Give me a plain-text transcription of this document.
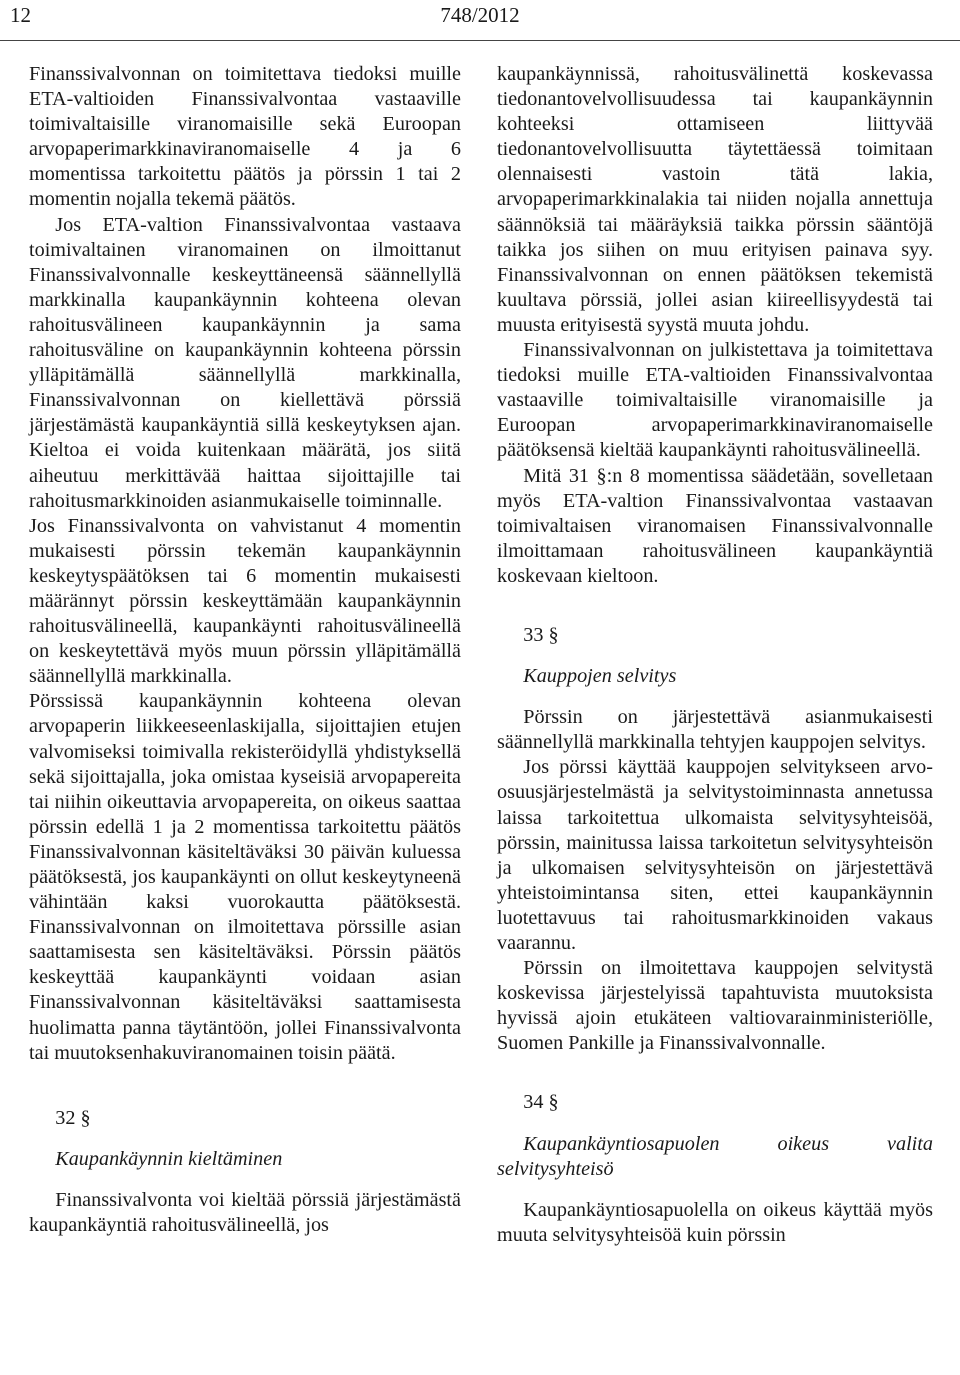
12	748/2012

Finanssivalvonnan on toimitettava tiedoksi muille ETA-valtioiden Finanssivalvontaa vastaaville toimivaltaisille viranomaisille sekä Euroopan arvopaperimarkkinaviranomaiselle 4 ja 6 momentissa tarkoitettu päätös ja pörssin 1 tai 2 momentin nojalla tekemä päätös.

Jos ETA-valtion Finanssivalvontaa vastaava toimivaltainen viranomainen on ilmoittanut Finanssivalvonnalle keskeyttäneensä säännellyllä markkinalla kaupankäynnin kohteena olevan rahoitusvälineen kaupankäynnin ja sama rahoitusväline on kaupankäynnin kohteena pörssin ylläpitämällä säännellyllä markkinalla, Finanssivalvonnan on kiellettävä pörssiä järjestämästä kaupankäyntiä sillä keskeytyksen ajan. Kieltoa ei voida kuitenkaan määrätä, jos siitä aiheutuu merkittävää haittaa sijoittajille tai rahoitusmarkkinoiden asianmukaiselle toiminnalle.

Jos Finanssivalvonta on vahvistanut 4 momentin mukaisesti pörssin tekemän kaupankäynnin keskeytyspäätöksen tai 6 momentin mukaisesti määrännyt pörssin keskeyttämään kaupankäynnin rahoitusvälineellä, kaupankäynti rahoitusvälineellä on keskeytettävä myös muun pörssin ylläpitämällä säännellyllä markkinalla.

Pörssissä kaupankäynnin kohteena olevan arvopaperin liikkeeseenlaskijalla, sijoittajien etujen valvomiseksi toimivalla rekisteröidyllä yhdistyksellä sekä sijoittajalla, joka omistaa kyseisiä arvopapereita tai niihin oikeuttavia arvopapereita, on oikeus saattaa pörssin edellä 1 ja 2 momentissa tarkoitettu päätös Finanssivalvonnan käsiteltäväksi 30 päivän kuluessa päätöksestä, jos kaupankäynti on ollut keskeytyneenä vähintään kaksi vuorokautta päätöksestä. Finanssivalvonnan on ilmoitettava pörssille asian saattamisesta sen käsiteltäväksi. Pörssin päätös keskeyttää kaupankäynti voidaan asian Finanssivalvonnan käsiteltäväksi saattamisesta huolimatta panna täytäntöön, jollei Finanssivalvonta tai muutoksenhakuviranomainen toisin päätä.

32 §

Kaupankäynnin kieltäminen

Finanssivalvonta voi kieltää pörssiä järjestämästä kaupankäyntiä rahoitusvälineellä, jos

kaupankäynnissä, rahoitusvälinettä koskevassa tiedonantovelvollisuudessa tai kaupankäynnin kohteeksi ottamiseen liittyvää tiedonantovelvollisuutta täytettäessä toimitaan olennaisesti vastoin tätä lakia, arvopaperimarkkinalakia tai niiden nojalla annettuja säännöksiä tai määräyksiä taikka pörssin sääntöjä taikka jos siihen on muu erityisen painava syy. Finanssivalvonnan on ennen päätöksen tekemistä kuultava pörssiä, jollei asian kiireellisyydestä tai muusta erityisestä syystä muuta johdu.

Finanssivalvonnan on julkistettava ja toimitettava tiedoksi muille ETA-valtioiden Finanssivalvontaa vastaaville toimivaltaisille viranomaisille ja Euroopan arvopaperimarkkinaviranomaiselle päätöksensä kieltää kaupankäynti rahoitusvälineellä.

Mitä 31 §:n 8 momentissa säädetään, sovelletaan myös ETA-valtion Finanssivalvontaa vastaavan toimivaltaisen viranomaisen Finanssivalvonnalle ilmoittamaan rahoitusvälineen kaupankäyntiä koskevaan kieltoon.

33 §

Kauppojen selvitys

Pörssin on järjestettävä asianmukaisesti säännellyllä markkinalla tehtyjen kauppojen selvitys.

Jos pörssi käyttää kauppojen selvitykseen arvo-osuusjärjestelmästä ja selvitystoiminnasta annetussa laissa tarkoitettua ulkomaista selvitysyhteisöä, pörssin, mainitussa laissa tarkoitetun selvitysyhteisön ja ulkomaisen selvitysyhteisön on järjestettävä yhteistoimintansa siten, ettei kaupankäynnin luotettavuus tai rahoitusmarkkinoiden vakaus vaarannu.

Pörssin on ilmoitettava kauppojen selvitystä koskevissa järjestelyissä tapahtuvista muutoksista hyvissä ajoin etukäteen valtiovarainministeriölle, Suomen Pankille ja Finanssivalvonnalle.

34 §

Kaupankäyntiosapuolen oikeus valita selvitysyhteisö

Kaupankäyntiosapuolella on oikeus käyttää myös muuta selvitysyhteisöä kuin pörssin
